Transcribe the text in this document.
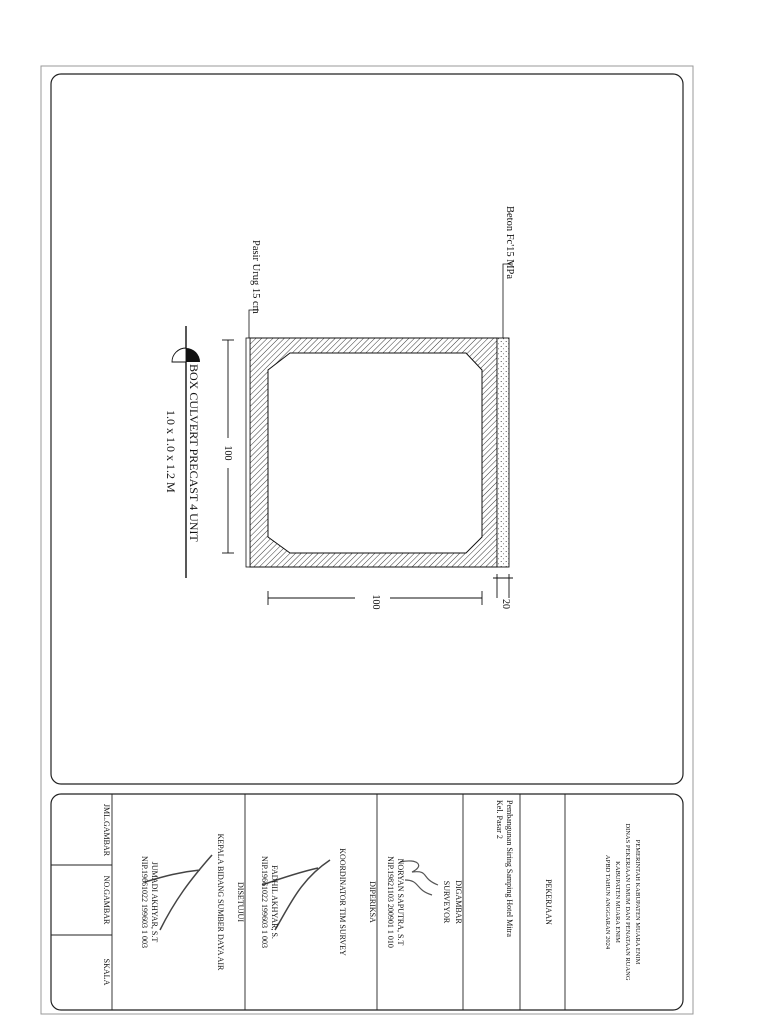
100
100	20
Beton Fc'15 MPa
Pasir Urug 15 cm
BOX CULVERT PRECAST 4 UNIT
1.0 x 1.0 x 1.2 M
PEMERINTAH KABUPATEN MUARA ENIM
DINAS PEKERJAAN UMUM DAN PENATAAN RUANG
KABUPATEN MUARA ENIM
APBD TAHUN ANGGARAN 2024
PEKERJAAN
Pembangunan Siring Samping Hotel Mitra
Kel. Pasar 2
DIGAMBAR
SURVEYOR
NORYAN SAPUTRA, S.T
NIP.19821103 200901 1 010
DIPERIKSA
KOORDINATOR TIM SURVEY
FADHIL AKHYAR, S.
NIP.19661022 199603 1 003
DISETUJUI
KEPALA BIDANG SUMBER DAYA AIR
JUMADI AKHYAR, S.T
NIP.19661022 199603 1 003
JML.GAMBAR
NO.GAMBAR
SKALA
